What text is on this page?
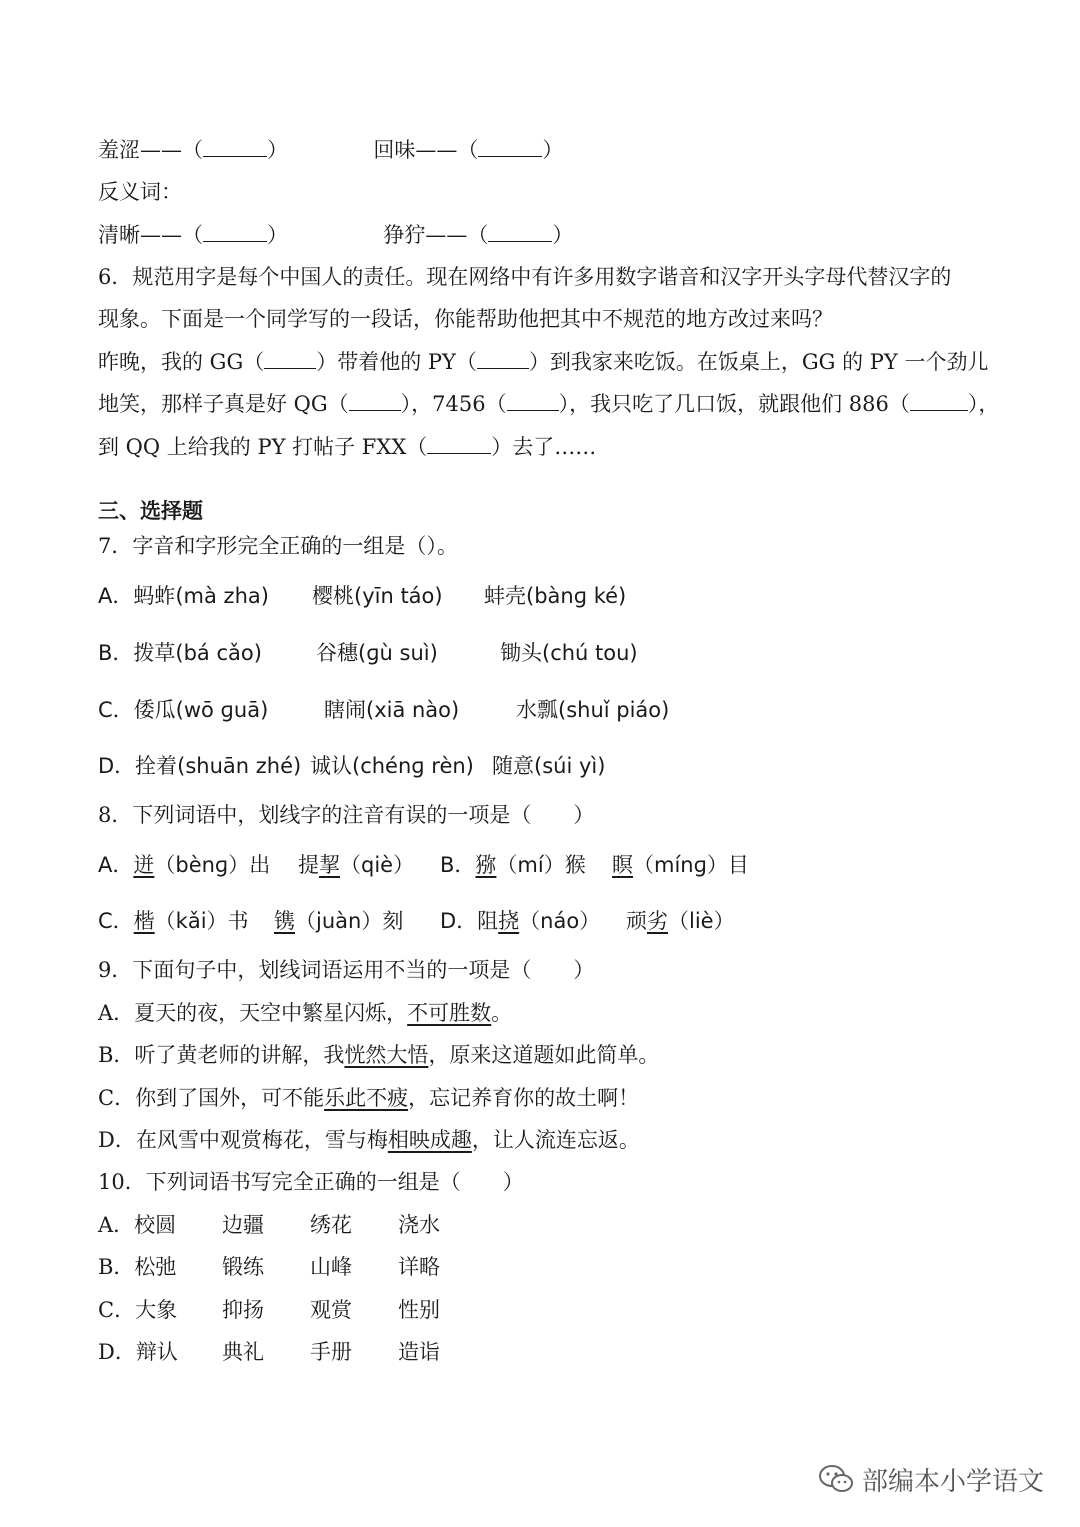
羞涩——（	）	回味——（	）
反义词：
清晰——（	）	狰狞——（	）
6．规范用字是每个中国人的责任。现在网络中有许多用数字谐音和汉字开头字母代替汉字的
现象。下面是一个同学写的一段话，你能帮助他把其中不规范的地方改过来吗？
昨晚，我的 GG（ ）带着他的 PY（ ）到我家来吃饭。在饭桌上，GG 的 PY 一个劲儿
地笑，那样子真是好 QG（ ），7456（ ），我只吃了几口饭，就跟他们 886（	），
到 QQ 上给我的 PY 打帖子 FXX（	）去了……
三、选择题
7．字音和字形完全正确的一组是（）。
A．蚂蚱(mà zha) 樱桃(yīn táo) 蚌壳(bànɡ ké)
B．拨草(bá cǎo)	谷穗(ɡù suì)	锄头(chú tou)
C．倭瓜(wō ɡuā)	瞎闹(xiā nào)	水瓢(shuǐ piáo)
D．拴着(shuān zhé) 诚认(chénɡ rèn) 随意(súi yì)
8．下列词语中，划线字的注音有误的一项是（　　）
A．迸（bènɡ）出 提挈（qiè） B．猕（mí）猴 瞑（mínɡ）目
C．楷（kǎi）书 镌（juàn）刻 D．阻挠（náo） 顽劣（liè）
9．下面句子中，划线词语运用不当的一项是（　　）
A．夏天的夜，天空中繁星闪烁，不可胜数。
B．听了黄老师的讲解，我恍然大悟，原来这道题如此简单。
C．你到了国外，可不能乐此不疲，忘记养育你的故土啊！
D．在风雪中观赏梅花，雪与梅相映成趣，让人流连忘返。
10．下列词语书写完全正确的一组是（　　）
A．校圆 边疆 绣花 浇水
B．松弛 锻练 山峰 详略
C．大象 抑扬 观赏 性别
D．辩认 典礼 手册 造诣
部编本小学语文
